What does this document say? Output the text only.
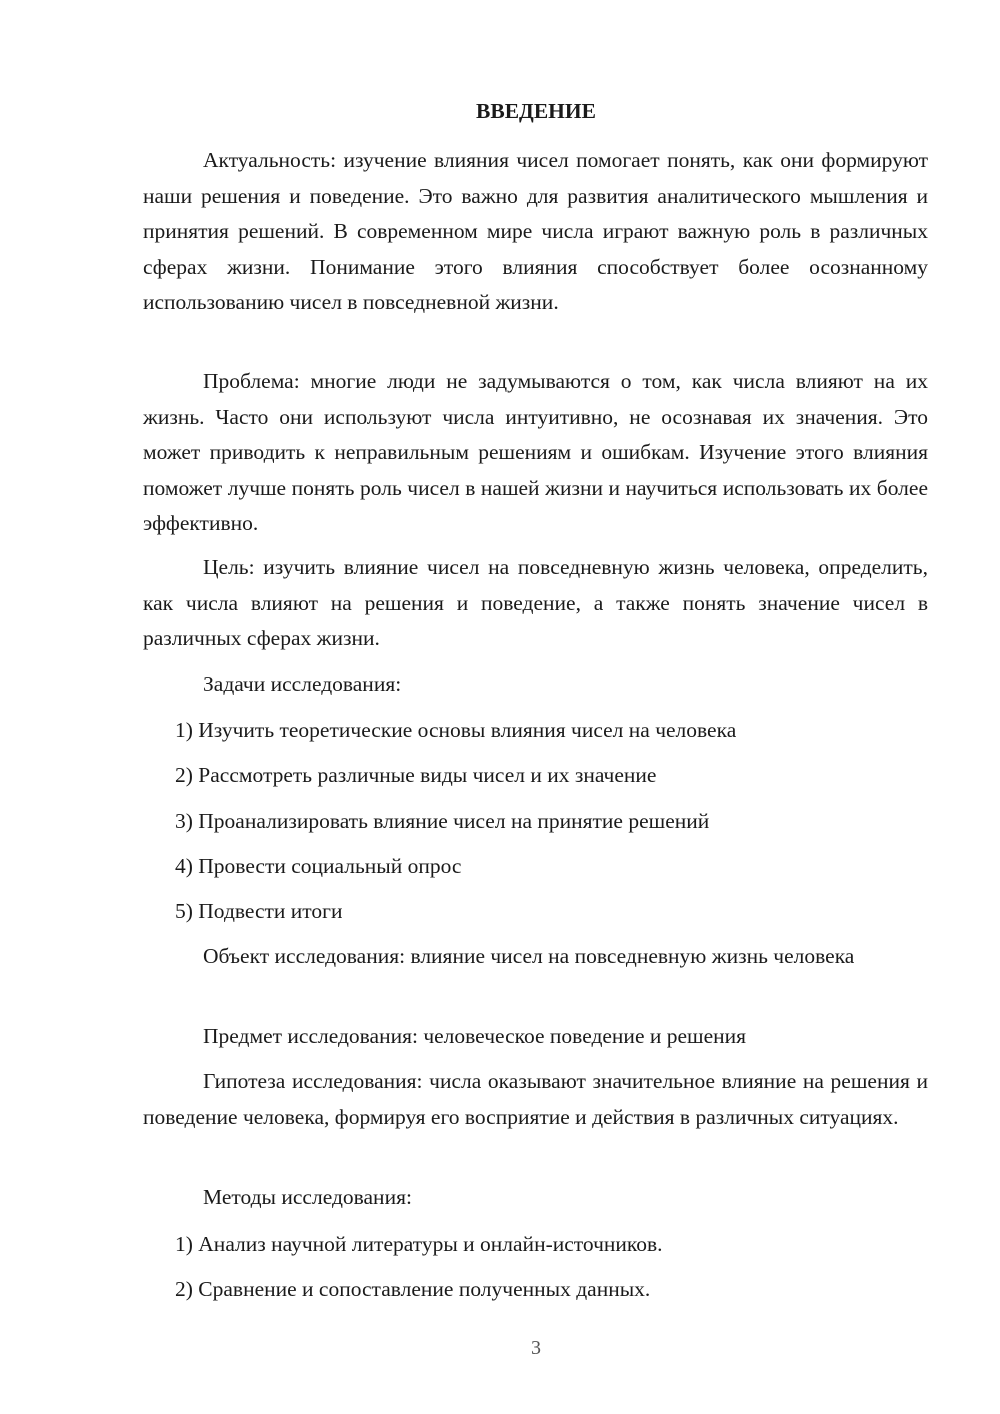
ВВЕДЕНИЕ

Актуальность: изучение влияния чисел помогает понять, как они формируют наши решения и поведение. Это важно для развития аналитического мышления и принятия решений. В современном мире числа играют важную роль в различных сферах жизни. Понимание этого влияния способствует более осознанному использованию чисел в повседневной жизни.

Проблема: многие люди не задумываются о том, как числа влияют на их жизнь. Часто они используют числа интуитивно, не осознавая их значения. Это может приводить к неправильным решениям и ошибкам. Изучение этого влияния поможет лучше понять роль чисел в нашей жизни и научиться использовать их более эффективно.

Цель: изучить влияние чисел на повседневную жизнь человека, определить, как числа влияют на решения и поведение, а также понять значение чисел в различных сферах жизни.

Задачи исследования:

1) Изучить теоретические основы влияния чисел на человека

2) Рассмотреть различные виды чисел и их значение

3) Проанализировать влияние чисел на принятие решений

4) Провести социальный опрос

5) Подвести итоги

Объект исследования: влияние чисел на повседневную жизнь человека

Предмет исследования: человеческое поведение и решения

Гипотеза исследования: числа оказывают значительное влияние на решения и поведение человека, формируя его восприятие и действия в различных ситуациях.

Методы исследования:

1) Анализ научной литературы и онлайн-источников.

2) Сравнение и сопоставление полученных данных.

3
